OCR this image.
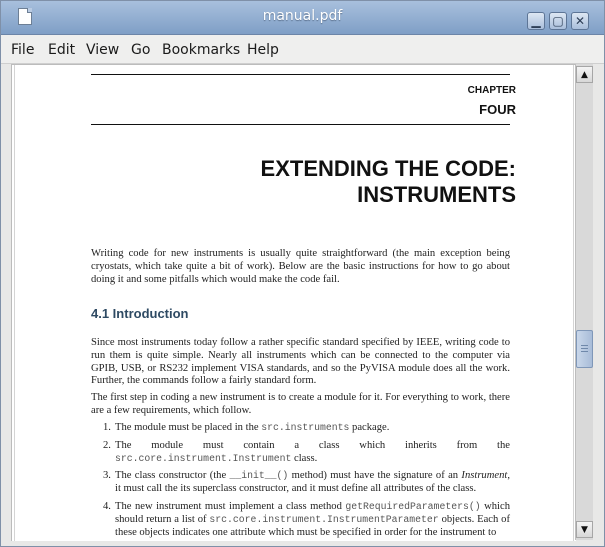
manual.pdf	▁ ▢ ✕
File Edit View Go Bookmarks Help
CHAPTER
FOUR
EXTENDING THE CODE:
INSTRUMENTS

Writing code for new instruments is usually quite straightforward (the main exception being cryostats, which take quite a bit of work). Below are the basic instructions for how to go about doing it and some pitfalls which would make the code fail.

4.1 Introduction

Since most instruments today follow a rather specific standard specified by IEEE, writing code to run them is quite simple. Nearly all instruments which can be connected to the computer via GPIB, USB, or RS232 implement VISA standards, and so the PyVISA module does all the work. Further, the commands follow a fairly standard form.

The first step in coding a new instrument is to create a module for it. For everything to work, there are a few requirements, which follow.

1. The module must be placed in the src.instruments package.

2. The module must contain a class which inherits from the src.core.instrument.Instrument class.

3. The class constructor (the __init__() method) must have the signature of an Instrument, it must call the its superclass constructor, and it must define all attributes of the class.

4. The new instrument must implement a class method getRequiredParameters() which should return a list of src.core.instrument.InstrumentParameter objects. Each of these objects indicates one attribute which must be specified in order for the instrument to

▲
▼
